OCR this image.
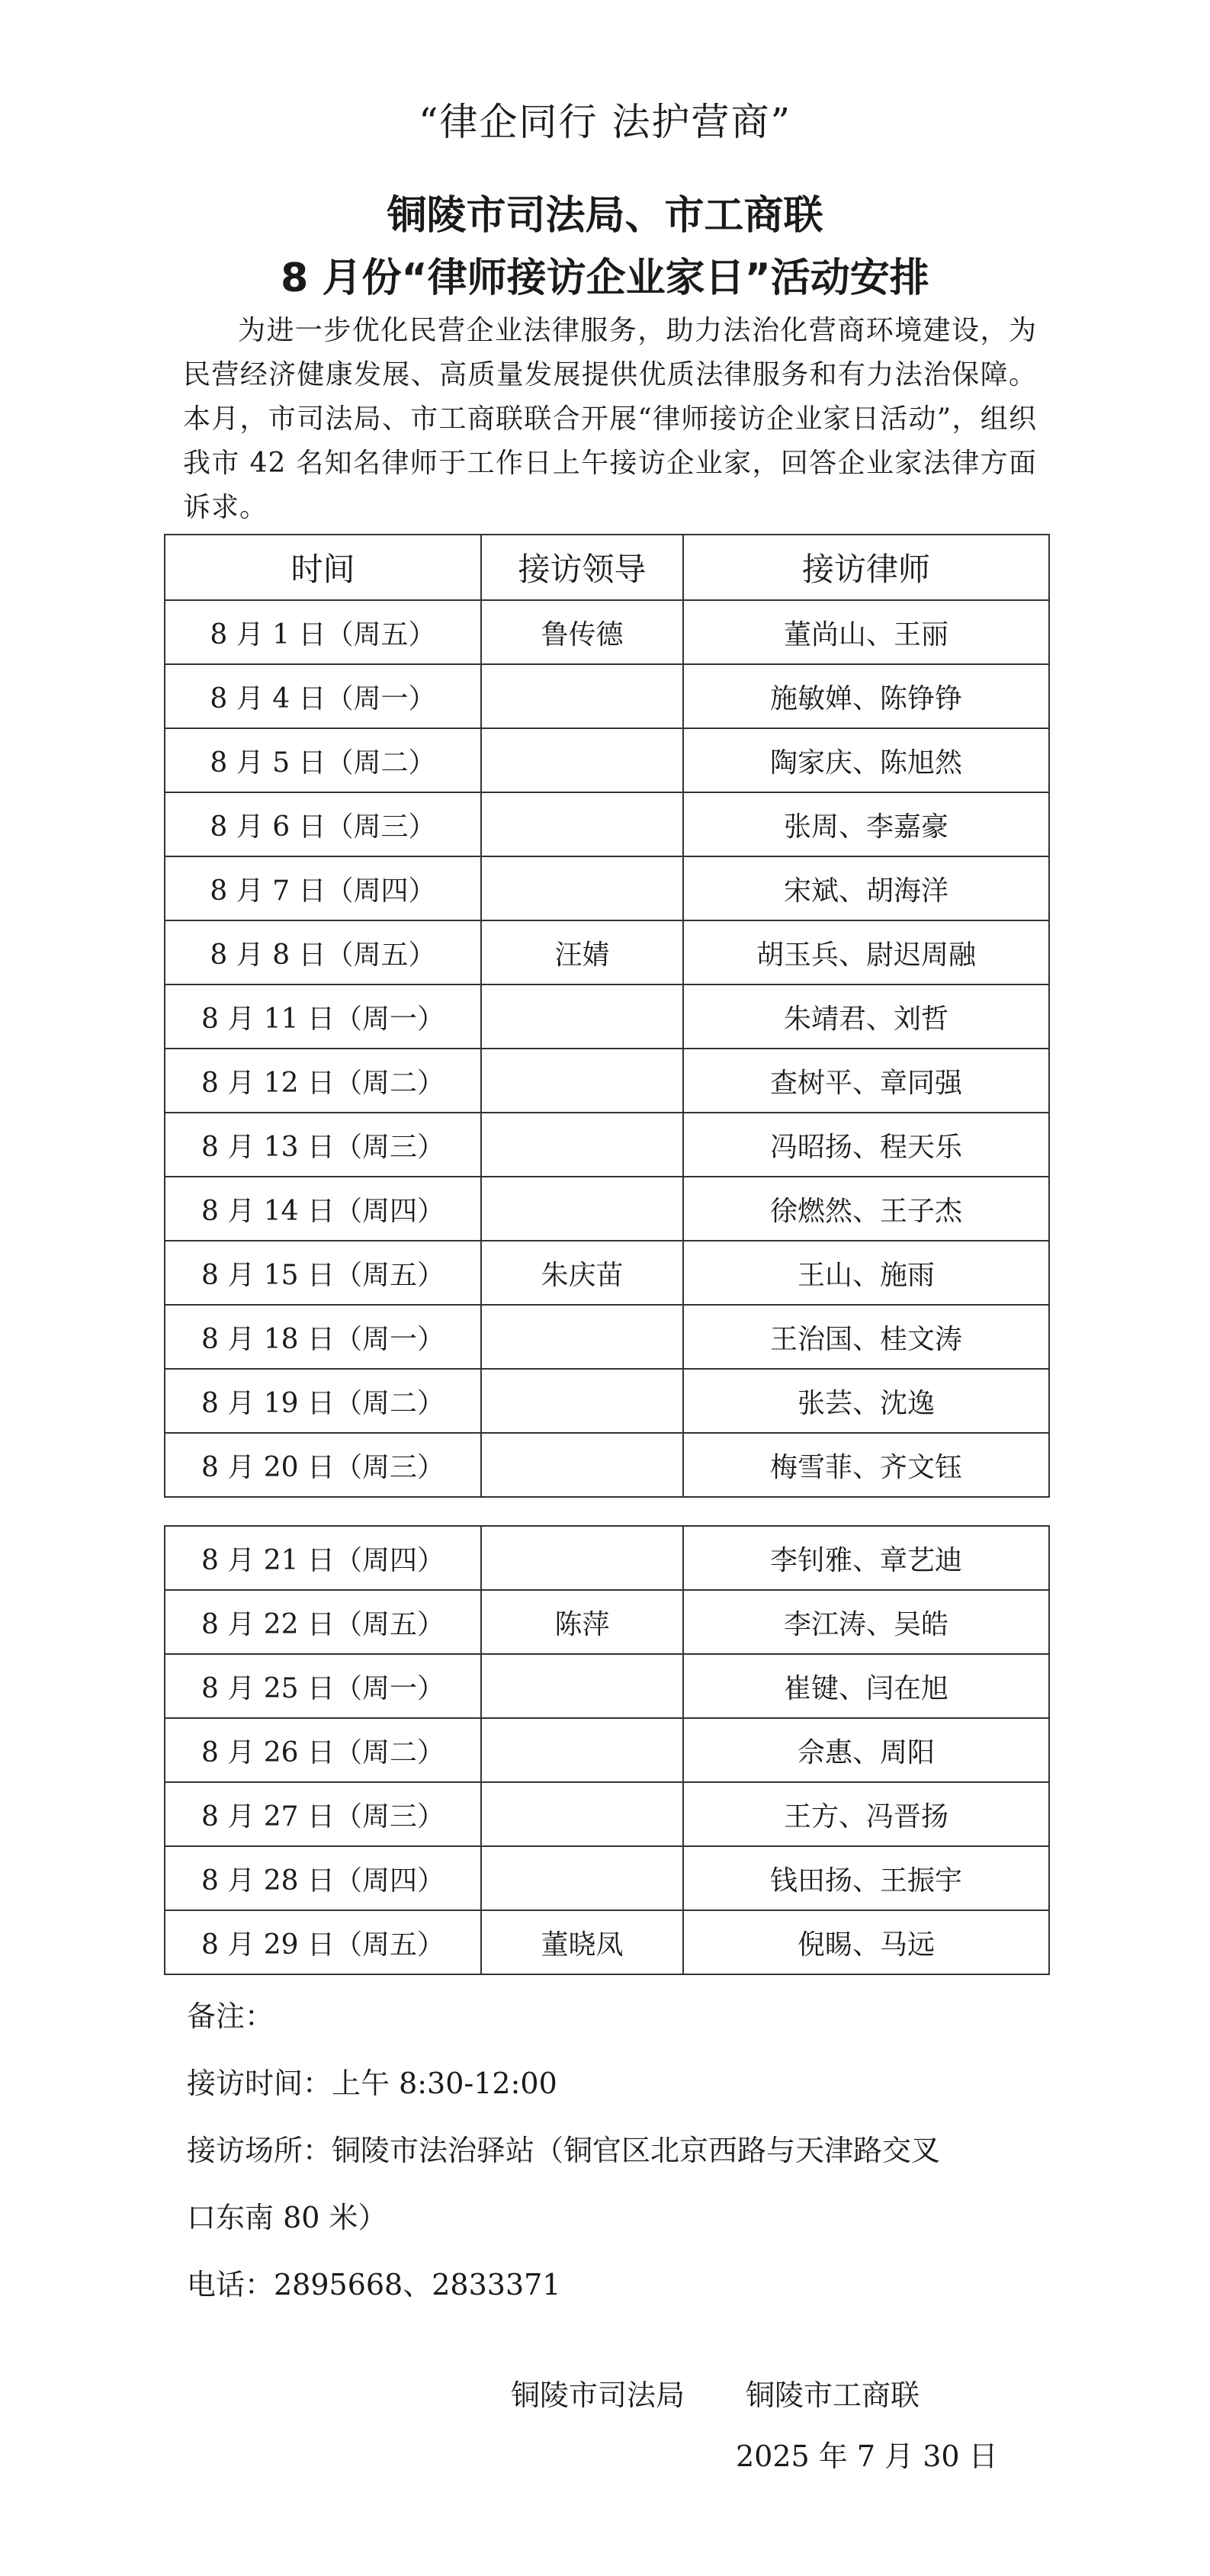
“律企同行 法护营商”
铜陵市司法局、市工商联
8 月份“律师接访企业家日”活动安排
为进一步优化民营企业法律服务，助力法治化营商环境建设，为民营经济健康发展、高质量发展提供优质法律服务和有力法治保障。本月，市司法局、市工商联联合开展“律师接访企业家日活动”，组织我市 42 名知名律师于工作日上午接访企业家，回答企业家法律方面诉求。
时间	接访领导	接访律师
8 月 1 日（周五）	鲁传德	董尚山、王丽
8 月 4 日（周一）		施敏婵、陈铮铮
8 月 5 日（周二）		陶家庆、陈旭然
8 月 6 日（周三）		张周、李嘉豪
8 月 7 日（周四）		宋斌、胡海洋
8 月 8 日（周五）	汪婧	胡玉兵、尉迟周融
8 月 11 日（周一）		朱靖君、刘哲
8 月 12 日（周二）		查树平、章同强
8 月 13 日（周三）		冯昭扬、程天乐
8 月 14 日（周四）		徐燃然、王子杰
8 月 15 日（周五）	朱庆苗	王山、施雨
8 月 18 日（周一）		王治国、桂文涛
8 月 19 日（周二）		张芸、沈逸
8 月 20 日（周三）		梅雪菲、齐文钰
8 月 21 日（周四）		李钊雅、章艺迪
8 月 22 日（周五）	陈萍	李江涛、吴皓
8 月 25 日（周一）		崔键、闫在旭
8 月 26 日（周二）		佘惠、周阳
8 月 27 日（周三）		王方、冯晋扬
8 月 28 日（周四）		钱田扬、王振宇
8 月 29 日（周五）	董晓凤	倪睗、马远
备注：
接访时间：上午 8:30-12:00
接访场所：铜陵市法治驿站（铜官区北京西路与天津路交叉
口东南 80 米）
电话：2895668、2833371
铜陵市司法局 铜陵市工商联
2025 年 7 月 30 日
